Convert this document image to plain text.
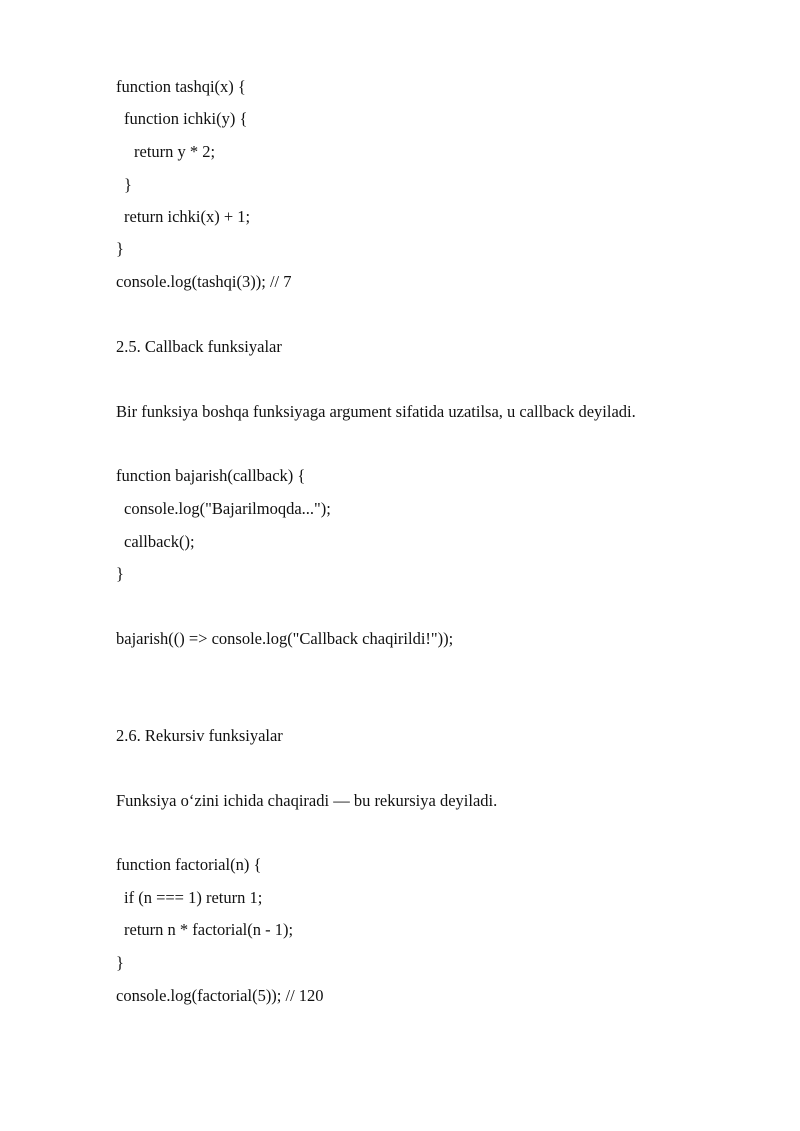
function tashqi(x) {
function ichki(y) {
return y * 2;
}
return ichki(x) + 1;
}
console.log(tashqi(3)); // 7
2.5. Callback funksiyalar
Bir funksiya boshqa funksiyaga argument sifatida uzatilsa, u callback deyiladi.
function bajarish(callback) {
console.log("Bajarilmoqda...");
callback();
}
bajarish(() => console.log("Callback chaqirildi!"));
2.6. Rekursiv funksiyalar
Funksiya o‘zini ichida chaqiradi — bu rekursiya deyiladi.
function factorial(n) {
if (n === 1) return 1;
return n * factorial(n - 1);
}
console.log(factorial(5)); // 120
